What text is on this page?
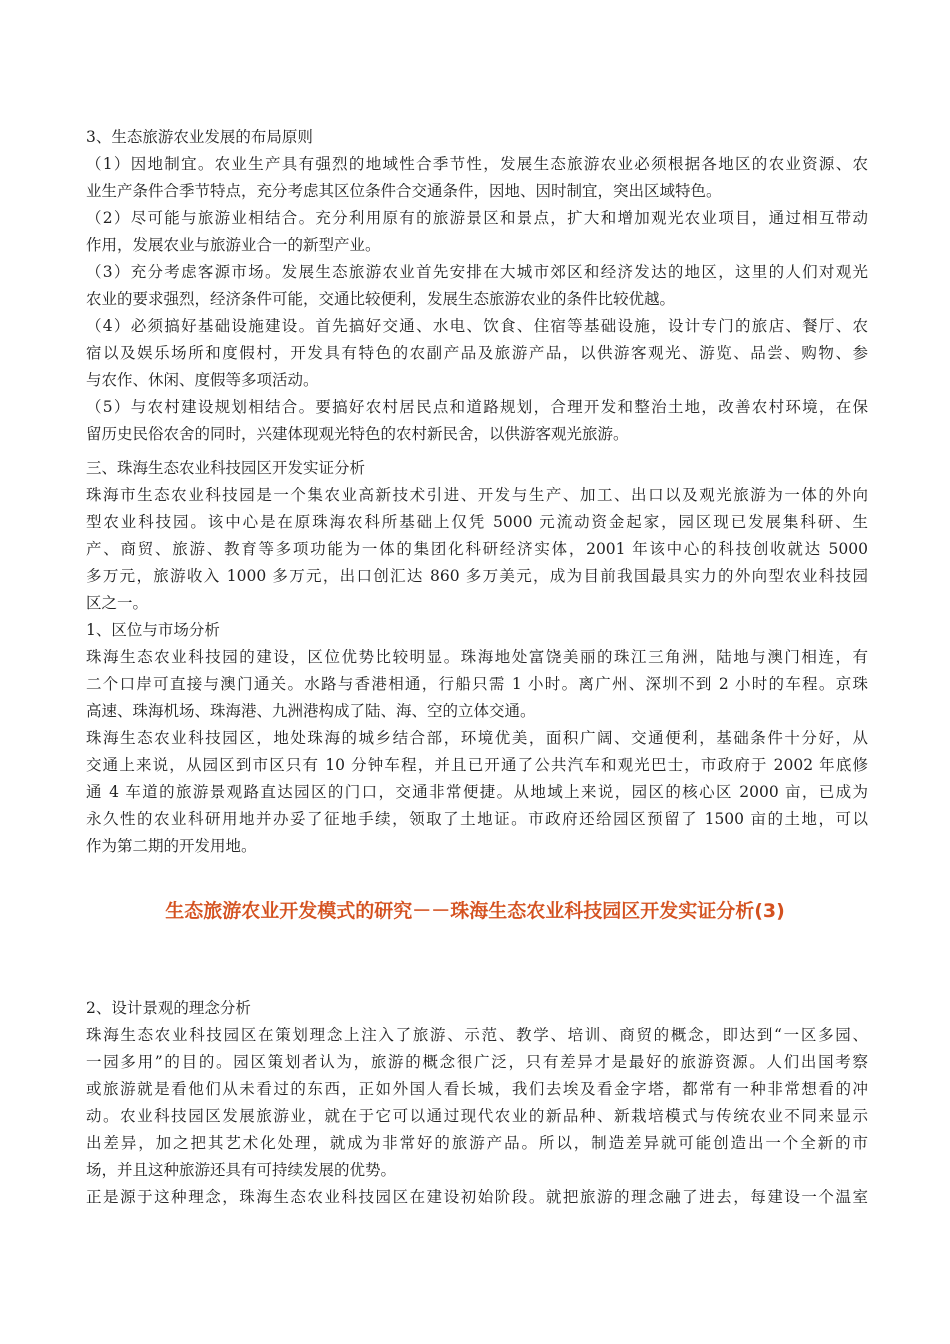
3、生态旅游农业发展的布局原则

（1）因地制宜。农业生产具有强烈的地域性合季节性，发展生态旅游农业必须根据各地区的农业资源、农

业生产条件合季节特点，充分考虑其区位条件合交通条件，因地、因时制宜，突出区域特色。

（2）尽可能与旅游业相结合。充分利用原有的旅游景区和景点，扩大和增加观光农业项目，通过相互带动

作用，发展农业与旅游业合一的新型产业。

（3）充分考虑客源市场。发展生态旅游农业首先安排在大城市郊区和经济发达的地区，这里的人们对观光

农业的要求强烈，经济条件可能，交通比较便利，发展生态旅游农业的条件比较优越。

（4）必须搞好基础设施建设。首先搞好交通、水电、饮食、住宿等基础设施，设计专门的旅店、餐厅、农

宿以及娱乐场所和度假村，开发具有特色的农副产品及旅游产品，以供游客观光、游览、品尝、购物、参

与农作、休闲、度假等多项活动。

（5）与农村建设规划相结合。要搞好农村居民点和道路规划，合理开发和整治土地，改善农村环境，在保

留历史民俗农舍的同时，兴建体现观光特色的农村新民舍，以供游客观光旅游。

三、珠海生态农业科技园区开发实证分析

珠海市生态农业科技园是一个集农业高新技术引进、开发与生产、加工、出口以及观光旅游为一体的外向

型农业科技园。该中心是在原珠海农科所基础上仅凭 5000 元流动资金起家，园区现已发展集科研、生

产、商贸、旅游、教育等多项功能为一体的集团化科研经济实体，2001 年该中心的科技创收就达 5000

多万元，旅游收入 1000 多万元，出口创汇达 860 多万美元，成为目前我国最具实力的外向型农业科技园

区之一。

1、区位与市场分析

珠海生态农业科技园的建设，区位优势比较明显。珠海地处富饶美丽的珠江三角洲，陆地与澳门相连，有

二个口岸可直接与澳门通关。水路与香港相通，行船只需 1 小时。离广州、深圳不到 2 小时的车程。京珠

高速、珠海机场、珠海港、九洲港构成了陆、海、空的立体交通。

珠海生态农业科技园区，地处珠海的城乡结合部，环境优美，面积广阔、交通便利，基础条件十分好，从

交通上来说，从园区到市区只有 10 分钟车程，并且已开通了公共汽车和观光巴士，市政府于 2002 年底修

通 4 车道的旅游景观路直达园区的门口，交通非常便捷。从地域上来说，园区的核心区 2000 亩，已成为

永久性的农业科研用地并办妥了征地手续，领取了土地证。市政府还给园区预留了 1500 亩的土地，可以

作为第二期的开发用地。

生态旅游农业开发模式的研究－－珠海生态农业科技园区开发实证分析(3)

2、设计景观的理念分析

珠海生态农业科技园区在策划理念上注入了旅游、示范、教学、培训、商贸的概念，即达到“一区多园、

一园多用”的目的。园区策划者认为，旅游的概念很广泛，只有差异才是最好的旅游资源。人们出国考察

或旅游就是看他们从未看过的东西，正如外国人看长城，我们去埃及看金字塔，都常有一种非常想看的冲

动。农业科技园区发展旅游业，就在于它可以通过现代农业的新品种、新栽培模式与传统农业不同来显示

出差异，加之把其艺术化处理，就成为非常好的旅游产品。所以，制造差异就可能创造出一个全新的市

场，并且这种旅游还具有可持续发展的优势。

正是源于这种理念，珠海生态农业科技园区在建设初始阶段。就把旅游的理念融了进去，每建设一个温室
